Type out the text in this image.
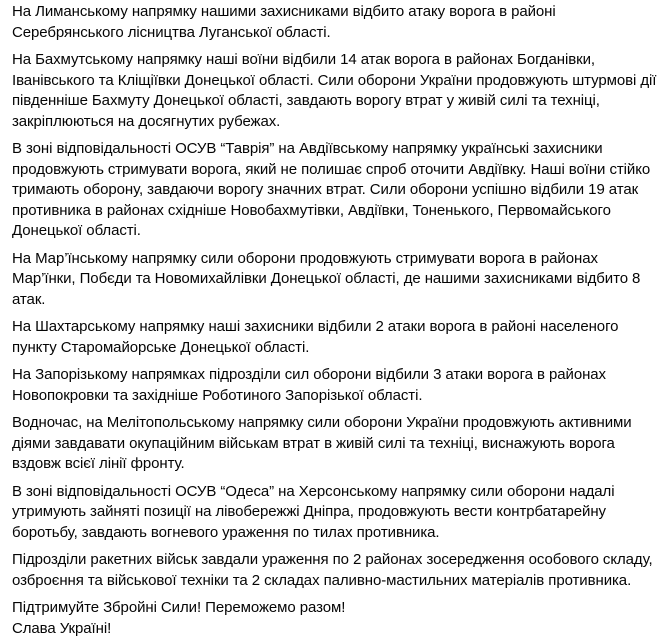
На Лиманському напрямку нашими захисниками відбито атаку ворога в районі Серебрянського лісництва Луганської області.

На Бахмутському напрямку наші воїни відбили 14 атак ворога в районах Богданівки, Іванівського та Кліщіївки Донецької області. Сили оборони України продовжують штурмові дії південніше Бахмуту Донецької області, завдають ворогу втрат у живій силі та техніці, закріплюються на досягнутих рубежах.

В зоні відповідальності ОСУВ “Таврія” на Авдіївському напрямку українські захисники продовжують стримувати ворога, який не полишає спроб оточити Авдіївку. Наші воїни стійко тримають оборону, завдаючи ворогу значних втрат. Сили оборони успішно відбили 19 атак противника в районах східніше Новобахмутівки, Авдіївки, Тоненького, Первомайського Донецької області.

На Мар’їнському напрямку сили оборони продовжують стримувати ворога в районах Мар’їнки, Побєди та Новомихайлівки Донецької області, де нашими захисниками відбито 8 атак.

На Шахтарському напрямку наші захисники відбили 2 атаки ворога в районі населеного пункту Старомайорське Донецької області.

На Запорізькому напрямках підрозділи сил оборони відбили 3 атаки ворога в районах Новопокровки та західніше Роботиного Запорізької області.

Водночас, на Мелітопольському напрямку сили оборони України продовжують активними діями завдавати окупаційним військам втрат в живій силі та техніці, виснажують ворога вздовж всієї лінії фронту.

В зоні відповідальності ОСУВ “Одеса” на Херсонському напрямку сили оборони надалі утримують зайняті позиції на лівобережжі Дніпра, продовжують вести контрбатарейну боротьбу, завдають вогневого ураження по тилах противника.

Підрозділи ракетних військ завдали ураження по 2 районах зосередження особового складу, озброєння та військової техніки та 2 складах паливно-мастильних матеріалів противника.

Підтримуйте Збройні Сили! Переможемо разом!

Слава Україні!
